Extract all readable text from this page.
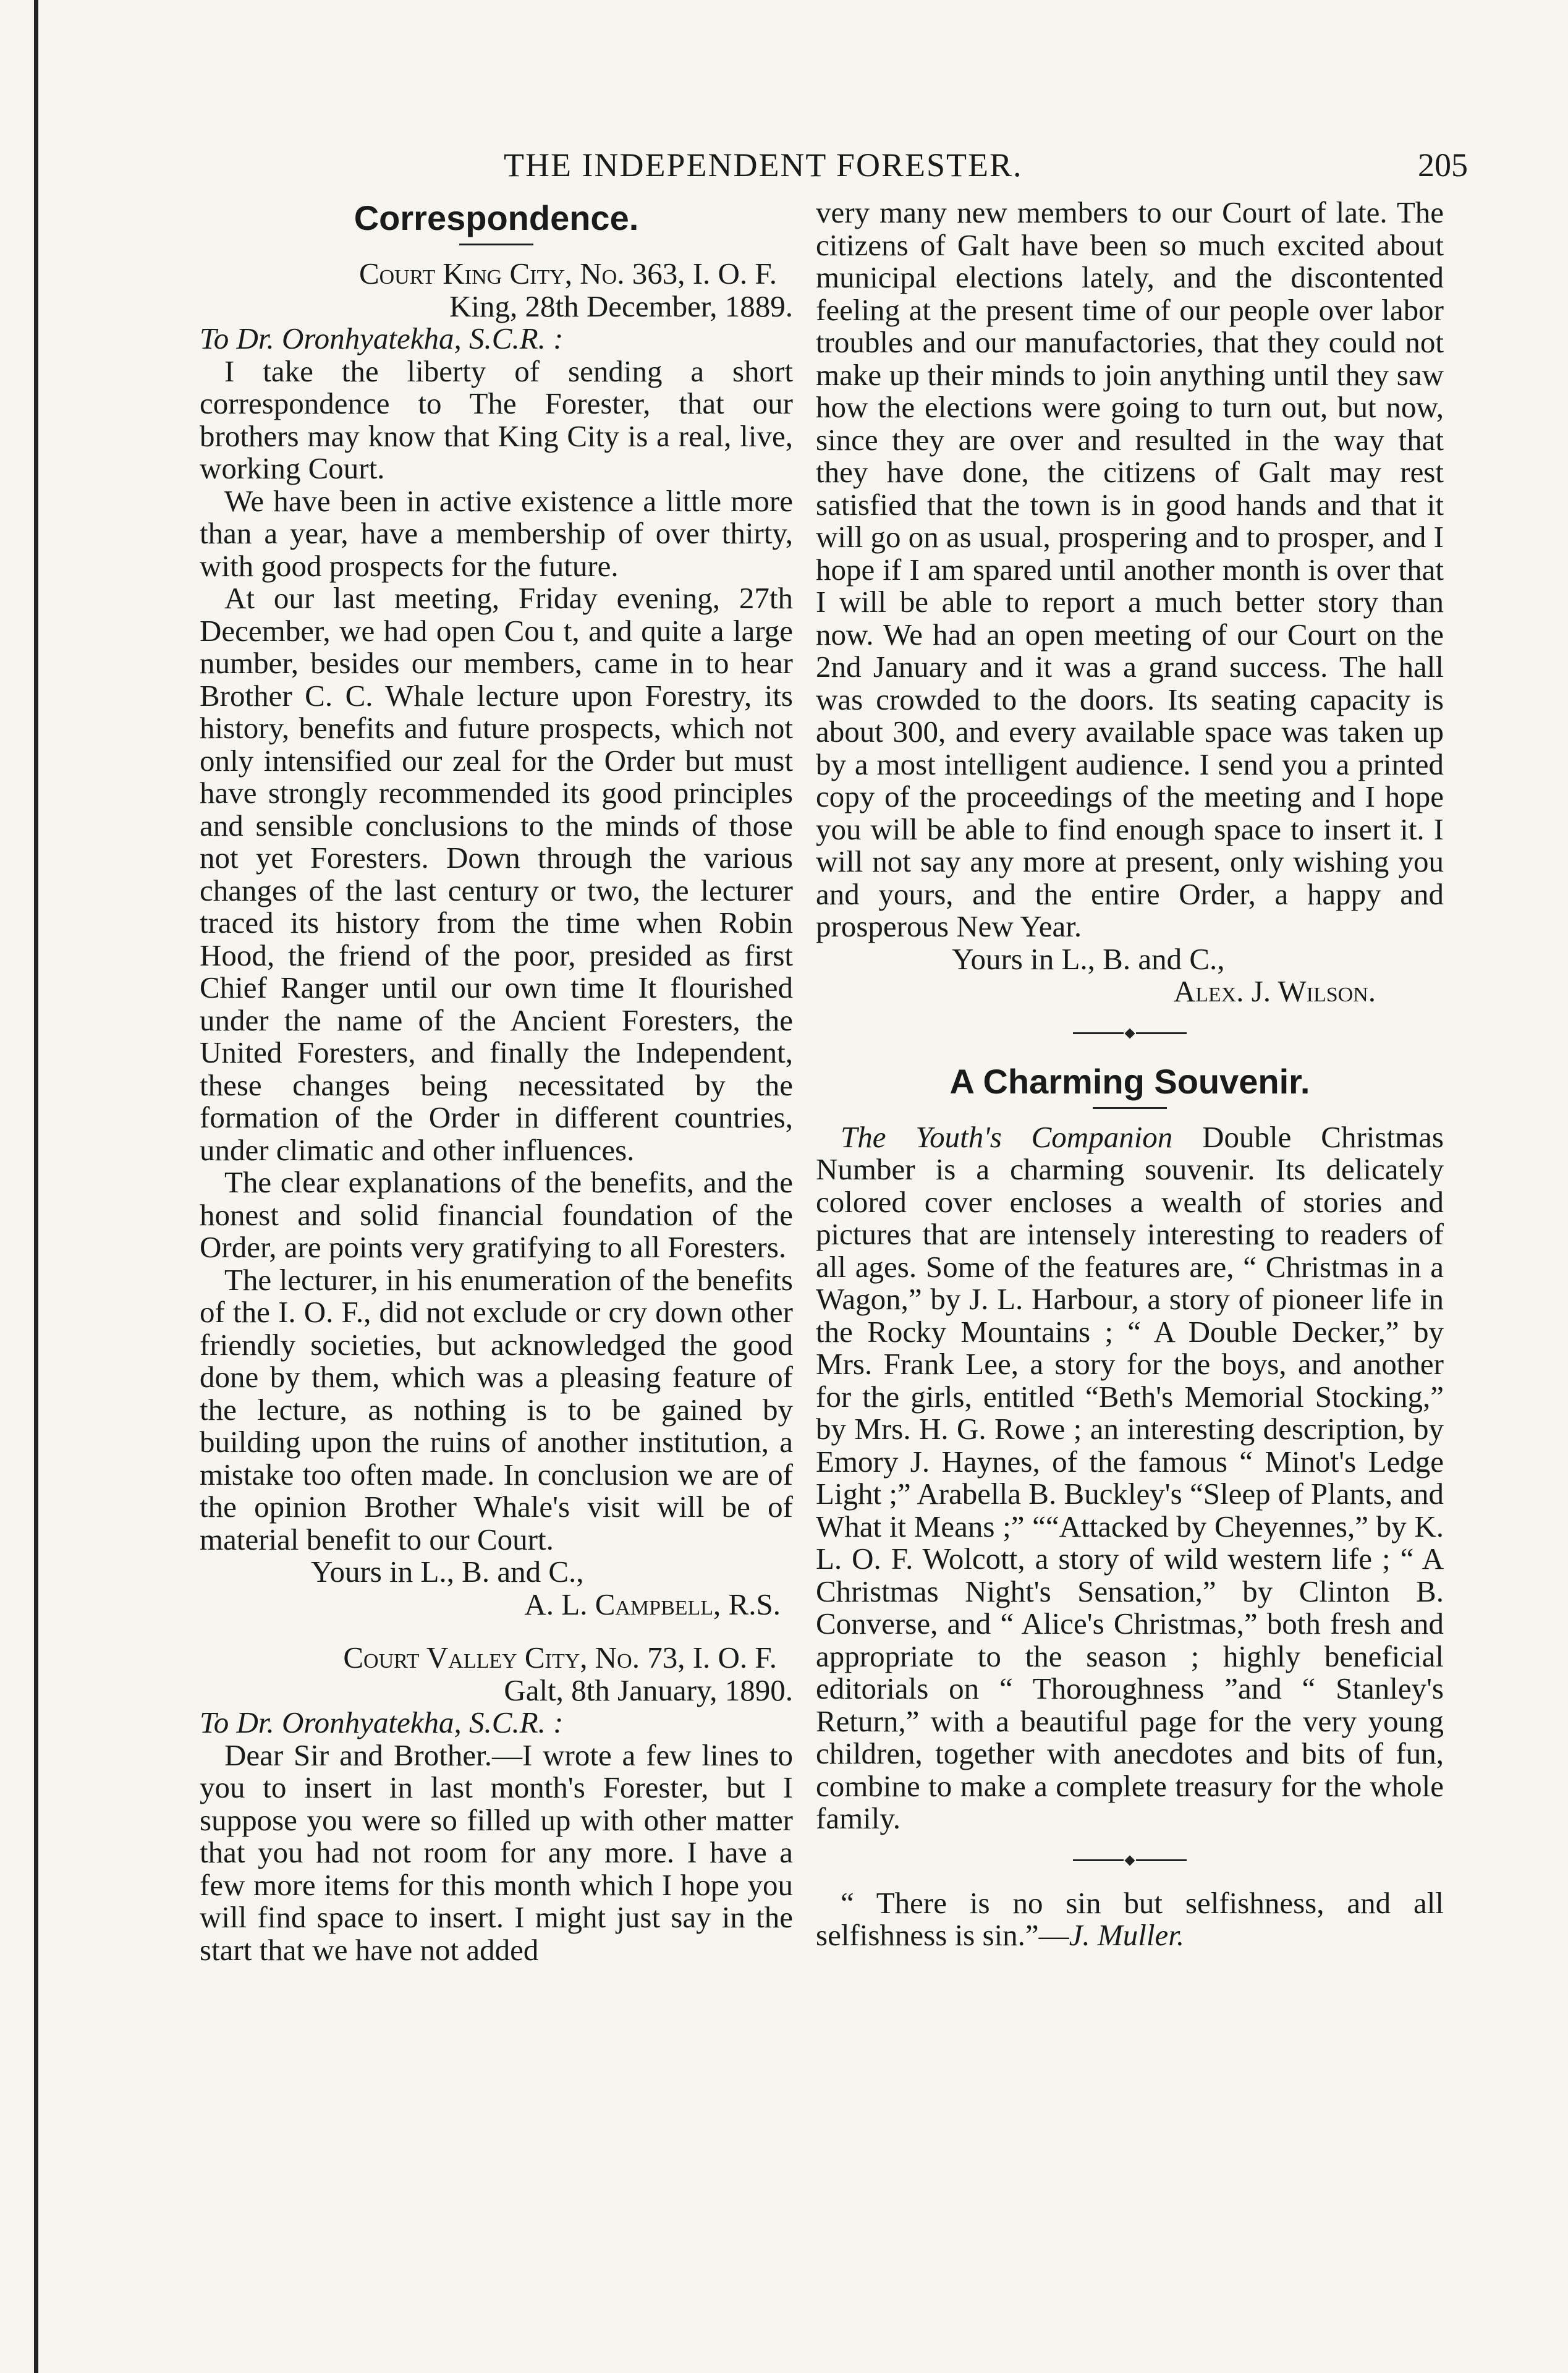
THE INDEPENDENT FORESTER.	205
Correspondence.
Court King City, No. 363, I. O. F.
King, 28th December, 1889.
To Dr. Oronhyatekha, S.C.R. :

I take the liberty of sending a short correspondence to The Forester, that our brothers may know that King City is a real, live, working Court.

We have been in active existence a little more than a year, have a membership of over thirty, with good prospects for the future.

At our last meeting, Friday evening, 27th December, we had open Cou t, and quite a large number, besides our members, came in to hear Brother C. C. Whale lecture upon Forestry, its history, benefits and future prospects, which not only intensified our zeal for the Order but must have strongly recommended its good principles and sensible conclusions to the minds of those not yet Foresters. Down through the various changes of the last century or two, the lecturer traced its history from the time when Robin Hood, the friend of the poor, presided as first Chief Ranger until our own time It flourished under the name of the Ancient Foresters, the United Foresters, and finally the Independent, these changes being necessitated by the formation of the Order in different countries, under climatic and other influences.

The clear explanations of the benefits, and the honest and solid financial foundation of the Order, are points very gratifying to all Foresters.

The lecturer, in his enumeration of the benefits of the I. O. F., did not exclude or cry down other friendly societies, but acknowledged the good done by them, which was a pleasing feature of the lecture, as nothing is to be gained by building upon the ruins of another institution, a mistake too often made. In conclusion we are of the opinion Brother Whale's visit will be of material benefit to our Court.

Yours in L., B. and C.,
A. L. Campbell, R.S.
Court Valley City, No. 73, I. O. F.
Galt, 8th January, 1890.
To Dr. Oronhyatekha, S.C.R. :

Dear Sir and Brother.—I wrote a few lines to you to insert in last month's Forester, but I suppose you were so filled up with other matter that you had not room for any more. I have a few more items for this month which I hope you will find space to insert. I might just say in the start that we have not added

very many new members to our Court of late. The citizens of Galt have been so much excited about municipal elections lately, and the discontented feeling at the present time of our people over labor troubles and our manufactories, that they could not make up their minds to join anything until they saw how the elections were going to turn out, but now, since they are over and resulted in the way that they have done, the citizens of Galt may rest satisfied that the town is in good hands and that it will go on as usual, prospering and to prosper, and I hope if I am spared until another month is over that I will be able to report a much better story than now. We had an open meeting of our Court on the 2nd January and it was a grand success. The hall was crowded to the doors. Its seating capacity is about 300, and every available space was taken up by a most intelligent audience. I send you a printed copy of the proceedings of the meeting and I hope you will be able to find enough space to insert it. I will not say any more at present, only wishing you and yours, and the entire Order, a happy and prosperous New Year.

Yours in L., B. and C.,
Alex. J. Wilson.
A Charming Souvenir.

The Youth's Companion Double Christmas Number is a charming souvenir. Its delicately colored cover encloses a wealth of stories and pictures that are intensely interesting to readers of all ages. Some of the features are, “ Christmas in a Wagon,” by J. L. Harbour, a story of pioneer life in the Rocky Mountains ; “ A Double Decker,” by Mrs. Frank Lee, a story for the boys, and another for the girls, entitled “Beth's Memorial Stocking,” by Mrs. H. G. Rowe ; an interesting description, by Emory J. Haynes, of the famous “ Minot's Ledge Light ;” Arabella B. Buckley's “Sleep of Plants, and What it Means ;” ““Attacked by Cheyennes,” by K. L. O. F. Wolcott, a story of wild western life ; “ A Christmas Night's Sensation,” by Clinton B. Converse, and “ Alice's Christmas,” both fresh and appropriate to the season ; highly beneficial editorials on “ Thoroughness ”and “ Stanley's Return,” with a beautiful page for the very young children, together with anecdotes and bits of fun, combine to make a complete treasury for the whole family.

“ There is no sin but selfishness, and all selfishness is sin.”—J. Muller.
